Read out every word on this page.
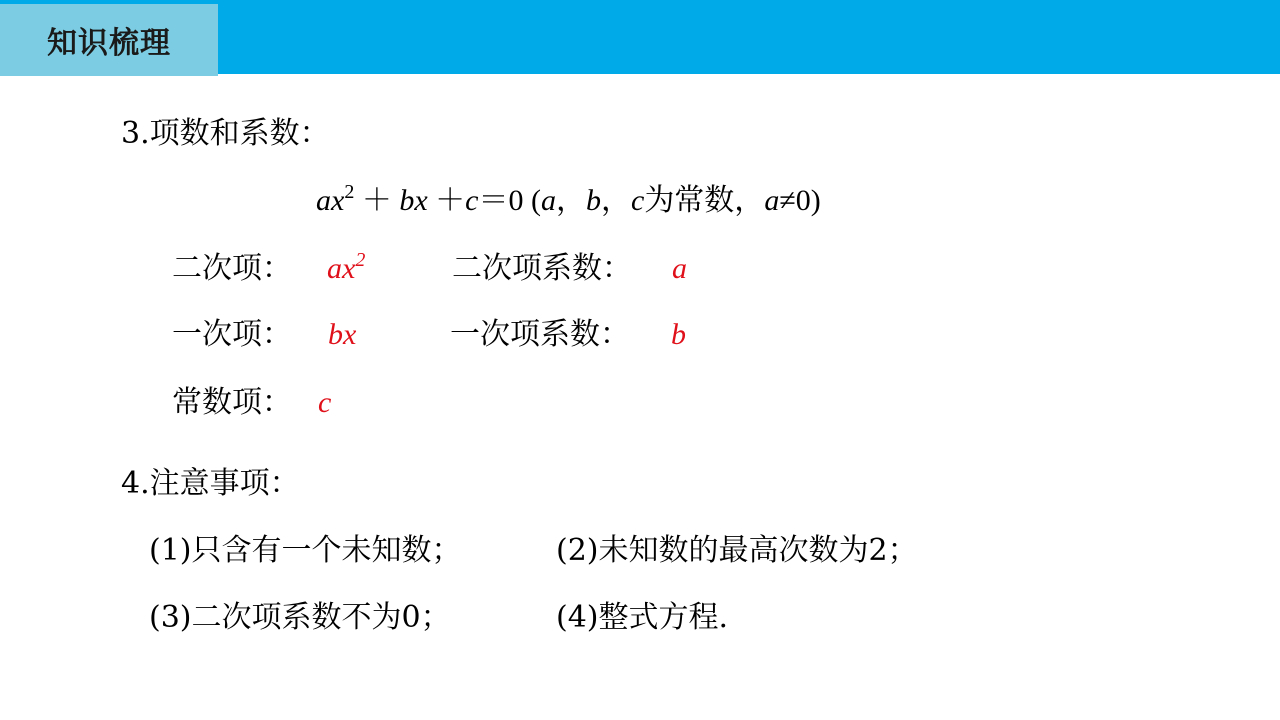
知识梳理
3.项数和系数：
$ax^2$ ＋ bx ＋c＝0 (a，b，c为常数，a≠0)
二次项： $ax^2$	二次项系数： a
一次项： bx	一次项系数： b
常数项： c
4.注意事项：
(1)只含有一个未知数；	(2)未知数的最高次数为2；
(3)二次项系数不为0；	(4)整式方程.
